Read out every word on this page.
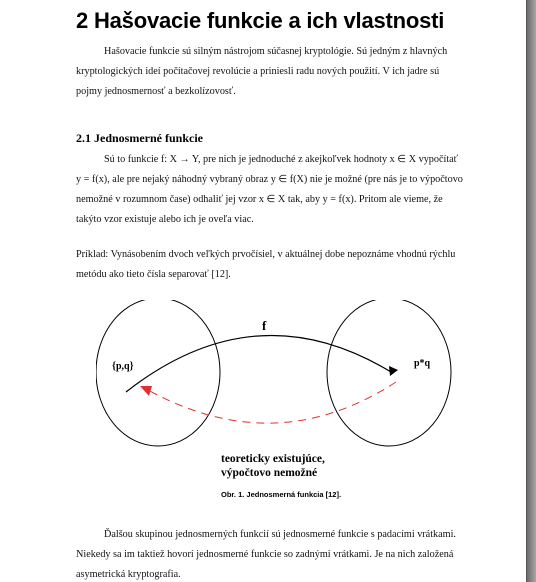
2 Hašovacie funkcie a ich vlastnosti
Hašovacie funkcie sú silným nástrojom súčasnej kryptológie. Sú jedným z hlavných
kryptologických ideí počítačovej revolúcie a priniesli radu nových použití. V ich jadre sú
pojmy jednosmernosť a bezkolízovosť.
2.1 Jednosmerné funkcie
Sú to funkcie f: X → Y, pre nich je jednoduché z akejkoľvek hodnoty x ∈ X vypočítať
y = f(x), ale pre nejaký náhodný vybraný obraz y ∈ f(X) nie je možné (pre nás je to výpočtovo
nemožné v rozumnom čase) odhaliť jej vzor x ∈ X tak, aby y = f(x). Pritom ale vieme, že
takýto vzor existuje alebo ich je oveľa viac.
Príklad: Vynásobením dvoch veľkých prvočísiel, v aktuálnej dobe nepoznáme vhodnú rýchlu
metódu ako tieto čísla separovať [12].
f
{p,q}	p*q
teoreticky existujúce,
výpočtovo nemožné
Obr. 1. Jednosmerná funkcia [12].
Ďalšou skupinou jednosmerných funkcií sú jednosmerné funkcie s padacími vrátkami.
Niekedy sa im taktiež hovorí jednosmerné funkcie so zadnými vrátkami. Je na nich založená
asymetrická kryptografia.
